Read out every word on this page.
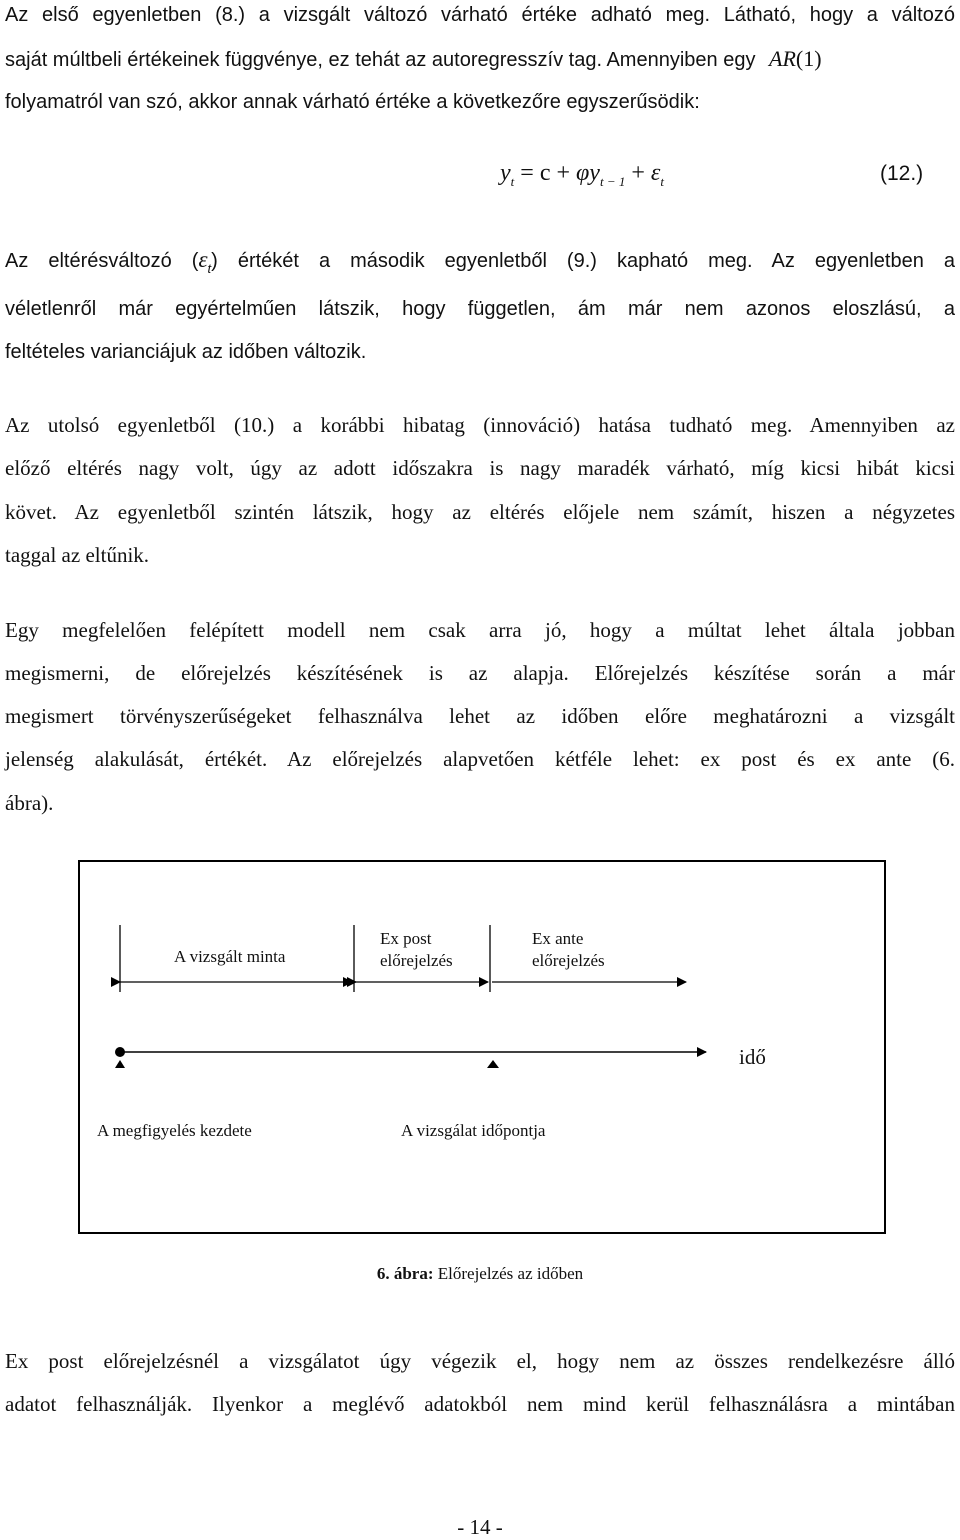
Az első egyenletben (8.) a vizsgált változó várható értéke adható meg. Látható, hogy a változó
saját múltbeli értékeinek függvénye, ez tehát az autoregresszív tag. Amennyiben egy AR(1)
folyamatról van szó, akkor annak várható értéke a következőre egyszerűsödik:
$y_t = c + \varphi y_{t - 1} + \varepsilon_t$	(12.)
Az eltérésváltozó $(\varepsilon_t)$ értékét a második egyenletből (9.) kapható meg. Az egyenletben a
véletlenről már egyértelműen látszik, hogy független, ám már nem azonos eloszlású, a
feltételes varianciájuk az időben változik.
Az utolsó egyenletből (10.) a korábbi hibatag (innováció) hatása tudható meg. Amennyiben az
előző eltérés nagy volt, úgy az adott időszakra is nagy maradék várható, míg kicsi hibát kicsi
követ. Az egyenletből szintén látszik, hogy az eltérés előjele nem számít, hiszen a négyzetes
taggal az eltűnik.
Egy megfelelően felépített modell nem csak arra jó, hogy a múltat lehet általa jobban
megismerni, de előrejelzés készítésének is az alapja. Előrejelzés készítése során a már
megismert törvényszerűségeket felhasználva lehet az időben előre meghatározni a vizsgált
jelenség alakulását, értékét. Az előrejelzés alapvetően kétféle lehet: ex post és ex ante (6.
ábra).
A vizsgált minta
Ex post
előrejelzés
Ex ante
előrejelzés
idő
A megfigyelés kezdete	A vizsgálat időpontja
6. ábra: Előrejelzés az időben
Ex post előrejelzésnél a vizsgálatot úgy végezik el, hogy nem az összes rendelkezésre álló
adatot felhasználják. Ilyenkor a meglévő adatokból nem mind kerül felhasználásra a mintában
- 14 -
